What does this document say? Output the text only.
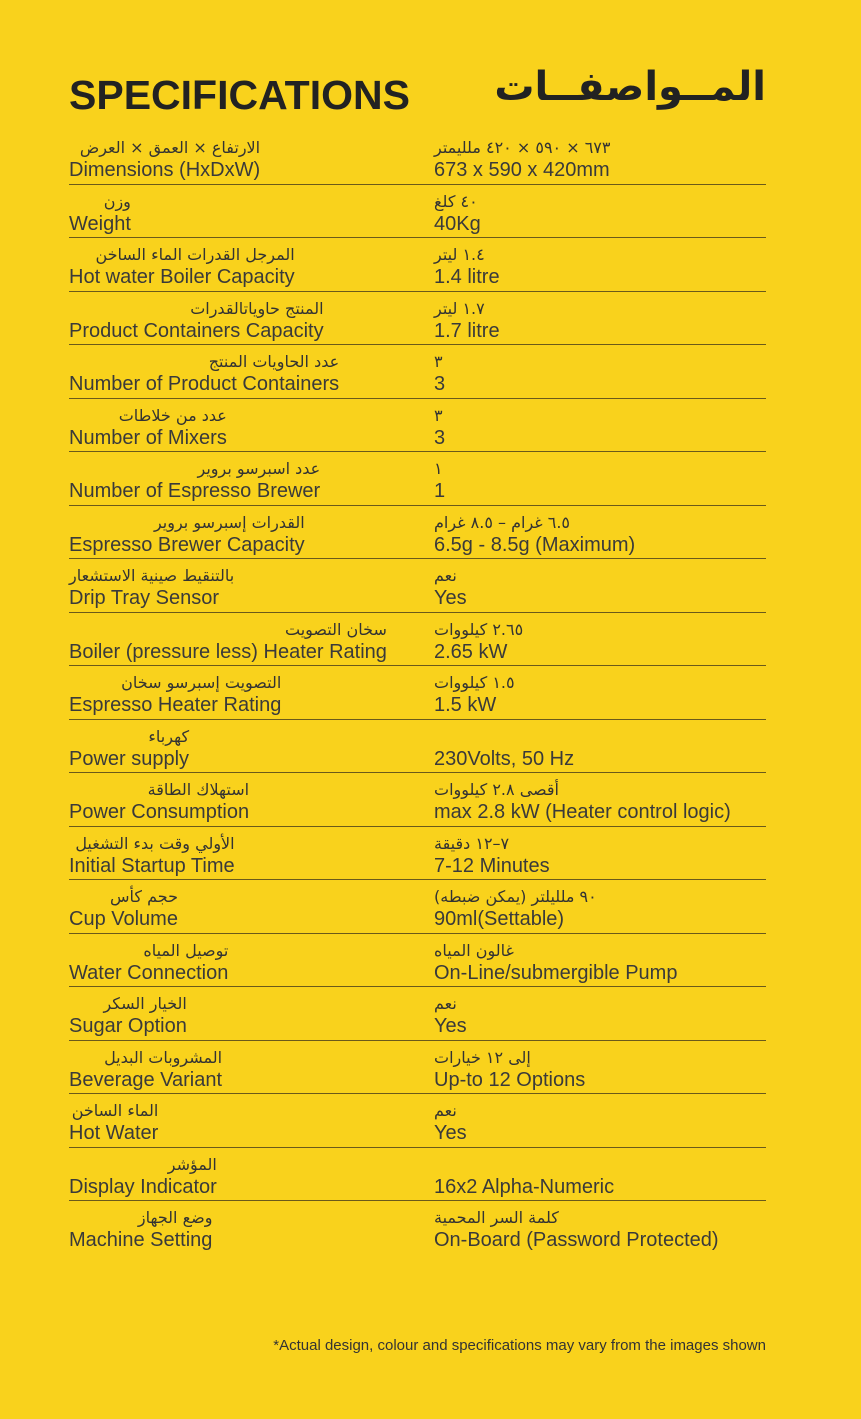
SPECIFICATIONS المــواصفــات
الارتفاع × العمق × العرض
Dimensions (HxDxW)
٦٧٣ × ٥٩٠ × ٤٢٠ ملليمتر
673 x 590 x 420mm
وزن
Weight
٤٠ كلغ
40Kg
المرجل القدرات الماء الساخن
Hot water Boiler Capacity
١.٤ ليتر
1.4 litre
المنتج حاوياتالقدرات
Product Containers Capacity
١.٧ ليتر
1.7 litre
عدد الحاويات المنتج
Number of Product Containers
٣
3
عدد من خلاطات
Number of Mixers
٣
3
عدد اسبرسو بروير
Number of Espresso Brewer
١
1
القدرات إسبرسو بروير
Espresso Brewer Capacity
٦.٥ غرام – ٨.٥ غرام
6.5g - 8.5g (Maximum)
بالتنقيط صينية الاستشعار
Drip Tray Sensor
نعم
Yes
سخان التصويت
Boiler (pressure less) Heater Rating
٢.٦٥ كيلووات
2.65 kW
التصويت إسبرسو سخان
Espresso Heater Rating
١.٥ كيلووات
1.5 kW
كهرباء
Power supply	230Volts, 50 Hz
استهلاك الطاقة
Power Consumption
أقصى ٢.٨ كيلووات
max 2.8 kW (Heater control logic)
الأولي وقت بدء التشغيل
Initial Startup Time
٧–١٢ دقيقة
7-12 Minutes
حجم كأس
Cup Volume
٩٠ ملليلتر (يمكن ضبطه)
90ml(Settable)
توصيل المياه
Water Connection
غالون المياه
On-Line/submergible Pump
الخيار السكر
Sugar Option
نعم
Yes
المشروبات البديل
Beverage Variant
إلى ١٢ خيارات
Up-to 12 Options
الماء الساخن
Hot Water
نعم
Yes
المؤشر
Display Indicator	16x2 Alpha-Numeric
وضع الجهاز
Machine Setting
كلمة السر المحمية
On-Board (Password Protected)
*Actual design, colour and specifications may vary from the images shown
